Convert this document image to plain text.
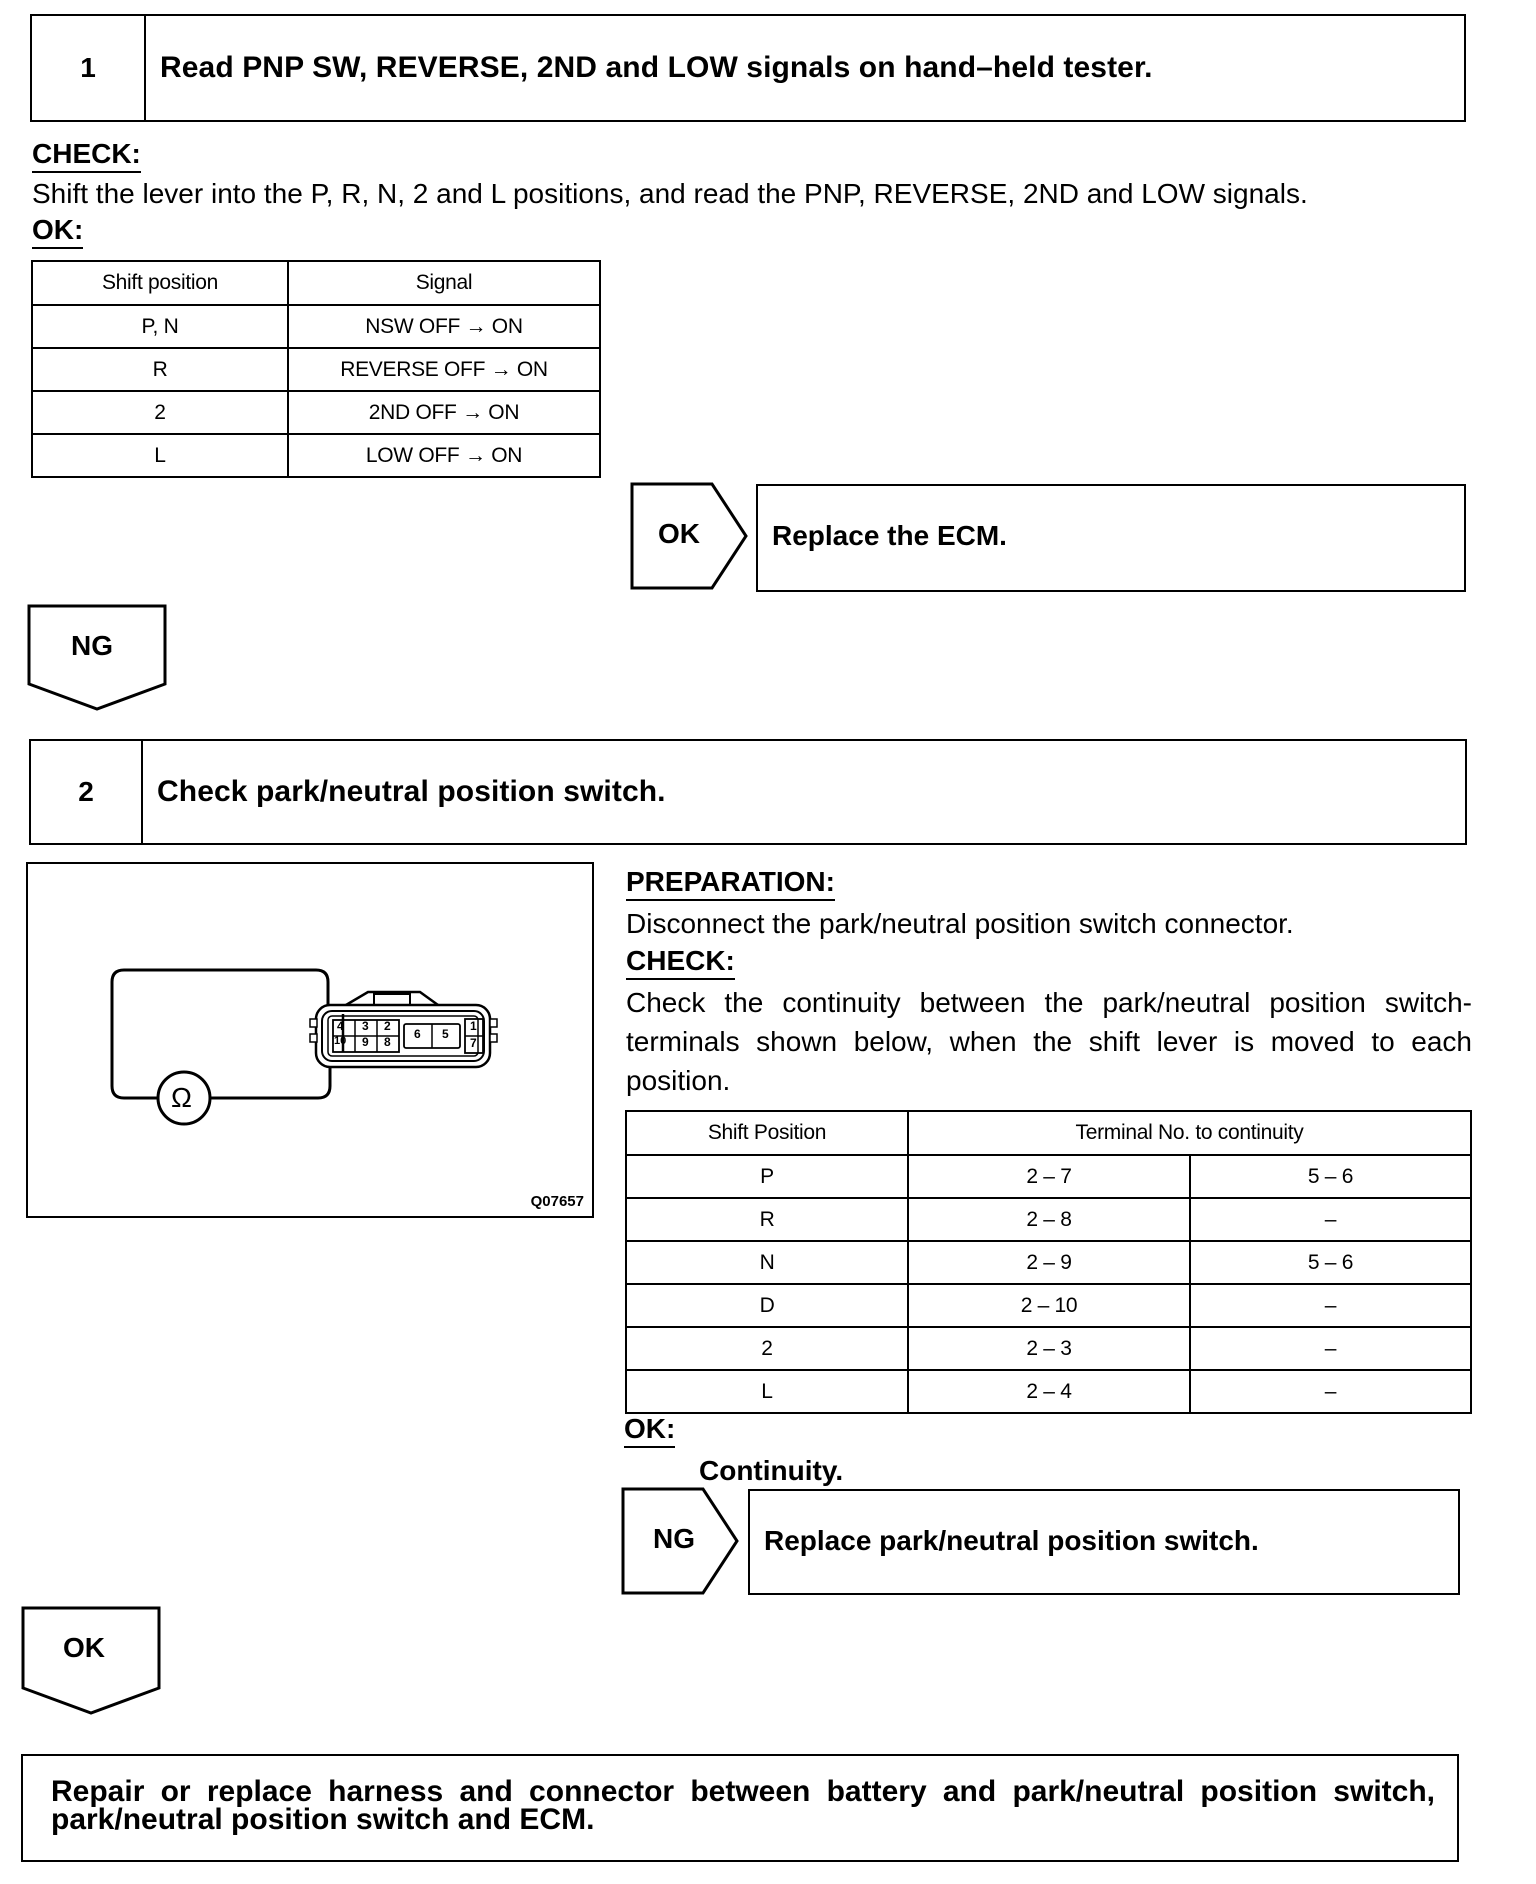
1	Read PNP SW, REVERSE, 2ND and LOW signals on hand–held tester.
CHECK:
Shift the lever into the P, R, N, 2 and L positions, and read the PNP, REVERSE, 2ND and LOW signals.
OK:
Shift position	Signal
P, N	NSW OFF → ON
R	REVERSE OFF → ON
2	2ND OFF → ON
L	LOW OFF → ON
OK	Replace the ECM.
NG
2	Check park/neutral position switch.
4 3 2
10 9 8
6 5
1
7
Ω
Q07657
PREPARATION:
Disconnect the park/neutral position switch connector.
CHECK:
Check the continuity between the park/neutral position switch-terminals shown below, when the shift lever is moved to each position.
Shift Position	Terminal No. to continuity	
P	2 – 7	5 – 6
R	2 – 8	–
N	2 – 9	5 – 6
D	2 – 10	–
2	2 – 3	–
L	2 – 4	–
OK:
Continuity.
NG Replace park/neutral position switch.
OK
Repair or replace harness and connector between battery and park/neutral position switch, park/neutral position switch and ECM.
